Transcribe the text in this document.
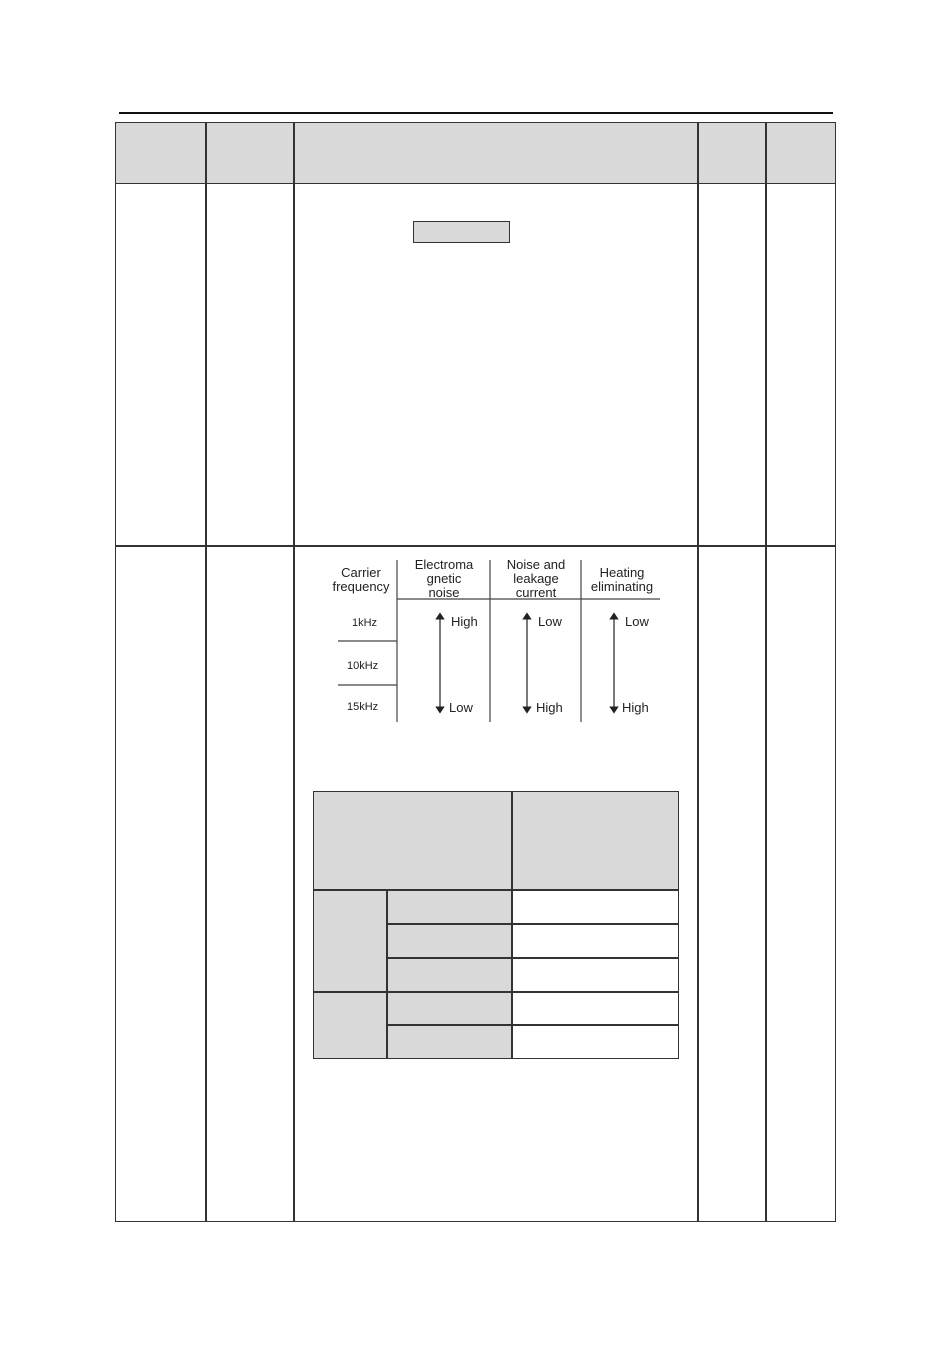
Carrier
frequency
Electroma
gnetic
noise
Noise and
leakage
current
Heating
eliminating
1kHz
10kHz
15kHz
High
Low
Low
High
Low
High
